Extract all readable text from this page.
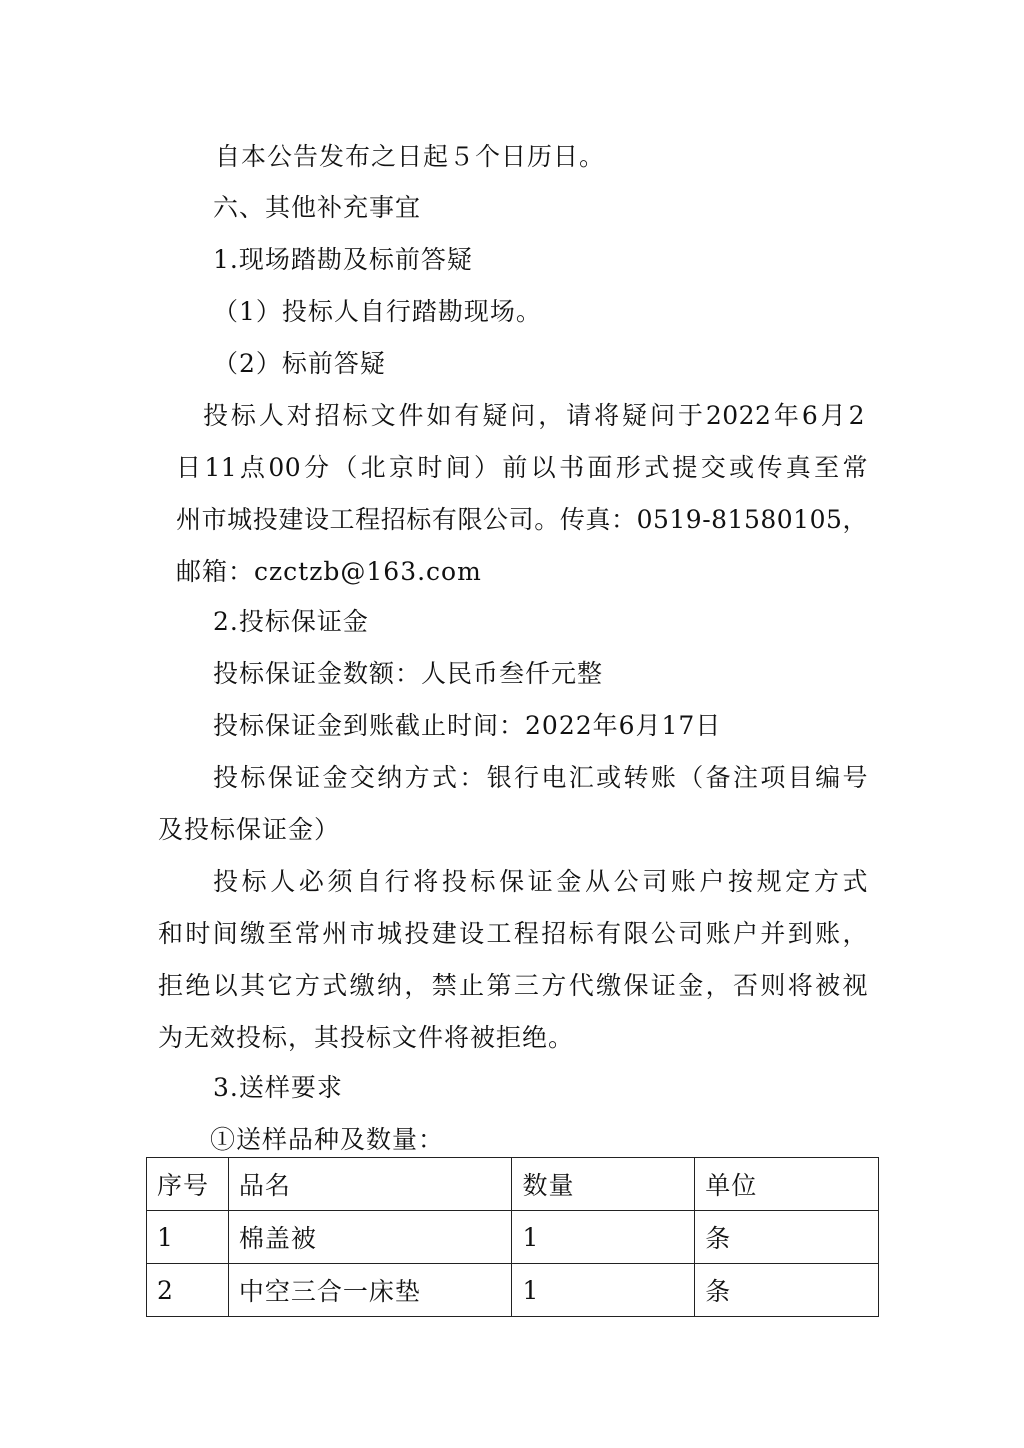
自本公告发布之日起５个日历日。
六、其他补充事宜
1.现场踏勘及标前答疑
（1）投标人自行踏勘现场。
（2）标前答疑
投标人对招标文件如有疑问，请将疑问于2022年6月2
日11点00分（北京时间）前以书面形式提交或传真至常
州市城投建设工程招标有限公司。传真：0519-81580105，
邮箱：czctzb@163.com
2.投标保证金
投标保证金数额：人民币叁仟元整
投标保证金到账截止时间：2022年6月17日
投标保证金交纳方式：银行电汇或转账（备注项目编号
及投标保证金）
投标人必须自行将投标保证金从公司账户按规定方式
和时间缴至常州市城投建设工程招标有限公司账户并到账，
拒绝以其它方式缴纳，禁止第三方代缴保证金，否则将被视
为无效投标，其投标文件将被拒绝。
3.送样要求
①送样品种及数量：
序号	品名	数量	单位
1	棉盖被	1	条
2	中空三合一床垫	1	条
